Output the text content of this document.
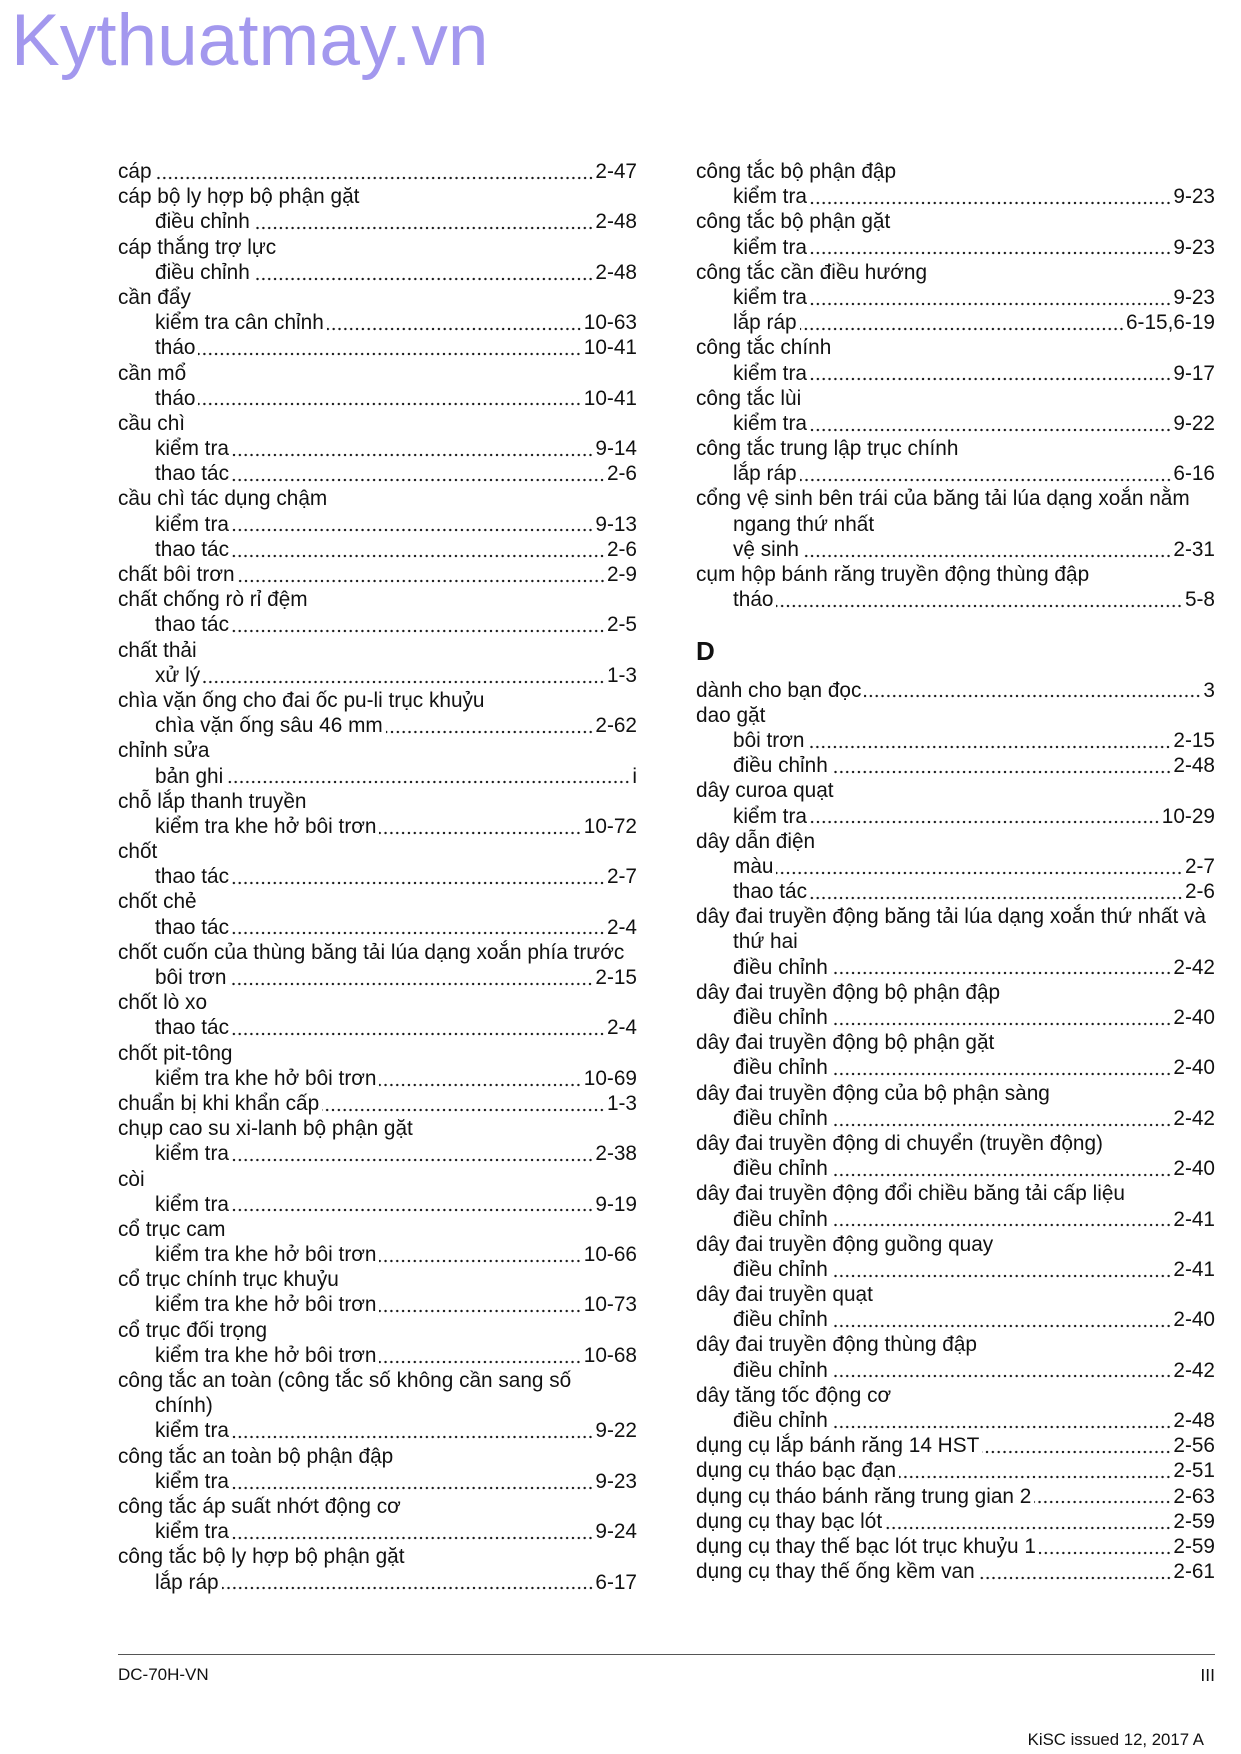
Kythuatmay.vn
cáp	2-47
cáp bộ ly hợp bộ phận gặt
điều chỉnh	2-48
cáp thắng trợ lực
điều chỉnh	2-48
cần đẩy
kiểm tra cân chỉnh	10-63
tháo	10-41
cần mổ
tháo	10-41
cầu chì
kiểm tra	9-14
thao tác	2-6
cầu chì tác dụng chậm
kiểm tra	9-13
thao tác	2-6
chất bôi trơn	2-9
chất chống rò rỉ đệm
thao tác	2-5
chất thải
xử lý	1-3
chìa vặn ống cho đai ốc pu-li trục khuỷu
chìa vặn ống sâu 46 mm	2-62
chỉnh sửa
bản ghi	i
chỗ lắp thanh truyền
kiểm tra khe hở bôi trơn	10-72
chốt
thao tác	2-7
chốt chẻ
thao tác	2-4
chốt cuốn của thùng băng tải lúa dạng xoắn phía trước
bôi trơn	2-15
chốt lò xo
thao tác	2-4
chốt pit-tông
kiểm tra khe hở bôi trơn	10-69
chuẩn bị khi khẩn cấp	1-3
chụp cao su xi-lanh bộ phận gặt
kiểm tra	2-38
còi
kiểm tra	9-19
cổ trục cam
kiểm tra khe hở bôi trơn	10-66
cổ trục chính trục khuỷu
kiểm tra khe hở bôi trơn	10-73
cổ trục đối trọng
kiểm tra khe hở bôi trơn	10-68
công tắc an toàn (công tắc số không cần sang số
chính)
kiểm tra	9-22
công tắc an toàn bộ phận đập
kiểm tra	9-23
công tắc áp suất nhớt động cơ
kiểm tra	9-24
công tắc bộ ly hợp bộ phận gặt
lắp ráp	6-17
công tắc bộ phận đập
kiểm tra	9-23
công tắc bộ phận gặt
kiểm tra	9-23
công tắc cần điều hướng
kiểm tra	9-23
lắp ráp	6-15,6-19
công tắc chính
kiểm tra	9-17
công tắc lùi
kiểm tra	9-22
công tắc trung lập trục chính
lắp ráp	6-16
cổng vệ sinh bên trái của băng tải lúa dạng xoắn nằm
ngang thứ nhất
vệ sinh	2-31
cụm hộp bánh răng truyền động thùng đập
tháo	5-8
D
dành cho bạn đọc	3
dao gặt
bôi trơn	2-15
điều chỉnh	2-48
dây curoa quạt
kiểm tra	10-29
dây dẫn điện
màu	2-7
thao tác	2-6
dây đai truyền động băng tải lúa dạng xoắn thứ nhất và
thứ hai
điều chỉnh	2-42
dây đai truyền động bộ phận đập
điều chỉnh	2-40
dây đai truyền động bộ phận gặt
điều chỉnh	2-40
dây đai truyền động của bộ phận sàng
điều chỉnh	2-42
dây đai truyền động di chuyển (truyền động)
điều chỉnh	2-40
dây đai truyền động đổi chiều băng tải cấp liệu
điều chỉnh	2-41
dây đai truyền động guồng quay
điều chỉnh	2-41
dây đai truyền quạt
điều chỉnh	2-40
dây đai truyền động thùng đập
điều chỉnh	2-42
dây tăng tốc động cơ
điều chỉnh	2-48
dụng cụ lắp bánh răng 14 HST	2-56
dụng cụ tháo bạc đạn	2-51
dụng cụ tháo bánh răng trung gian 2	2-63
dụng cụ thay bạc lót	2-59
dụng cụ thay thế bạc lót trục khuỷu 1	2-59
dụng cụ thay thế ống kềm van	2-61
DC-70H-VN	III
KiSC issued 12, 2017 A
